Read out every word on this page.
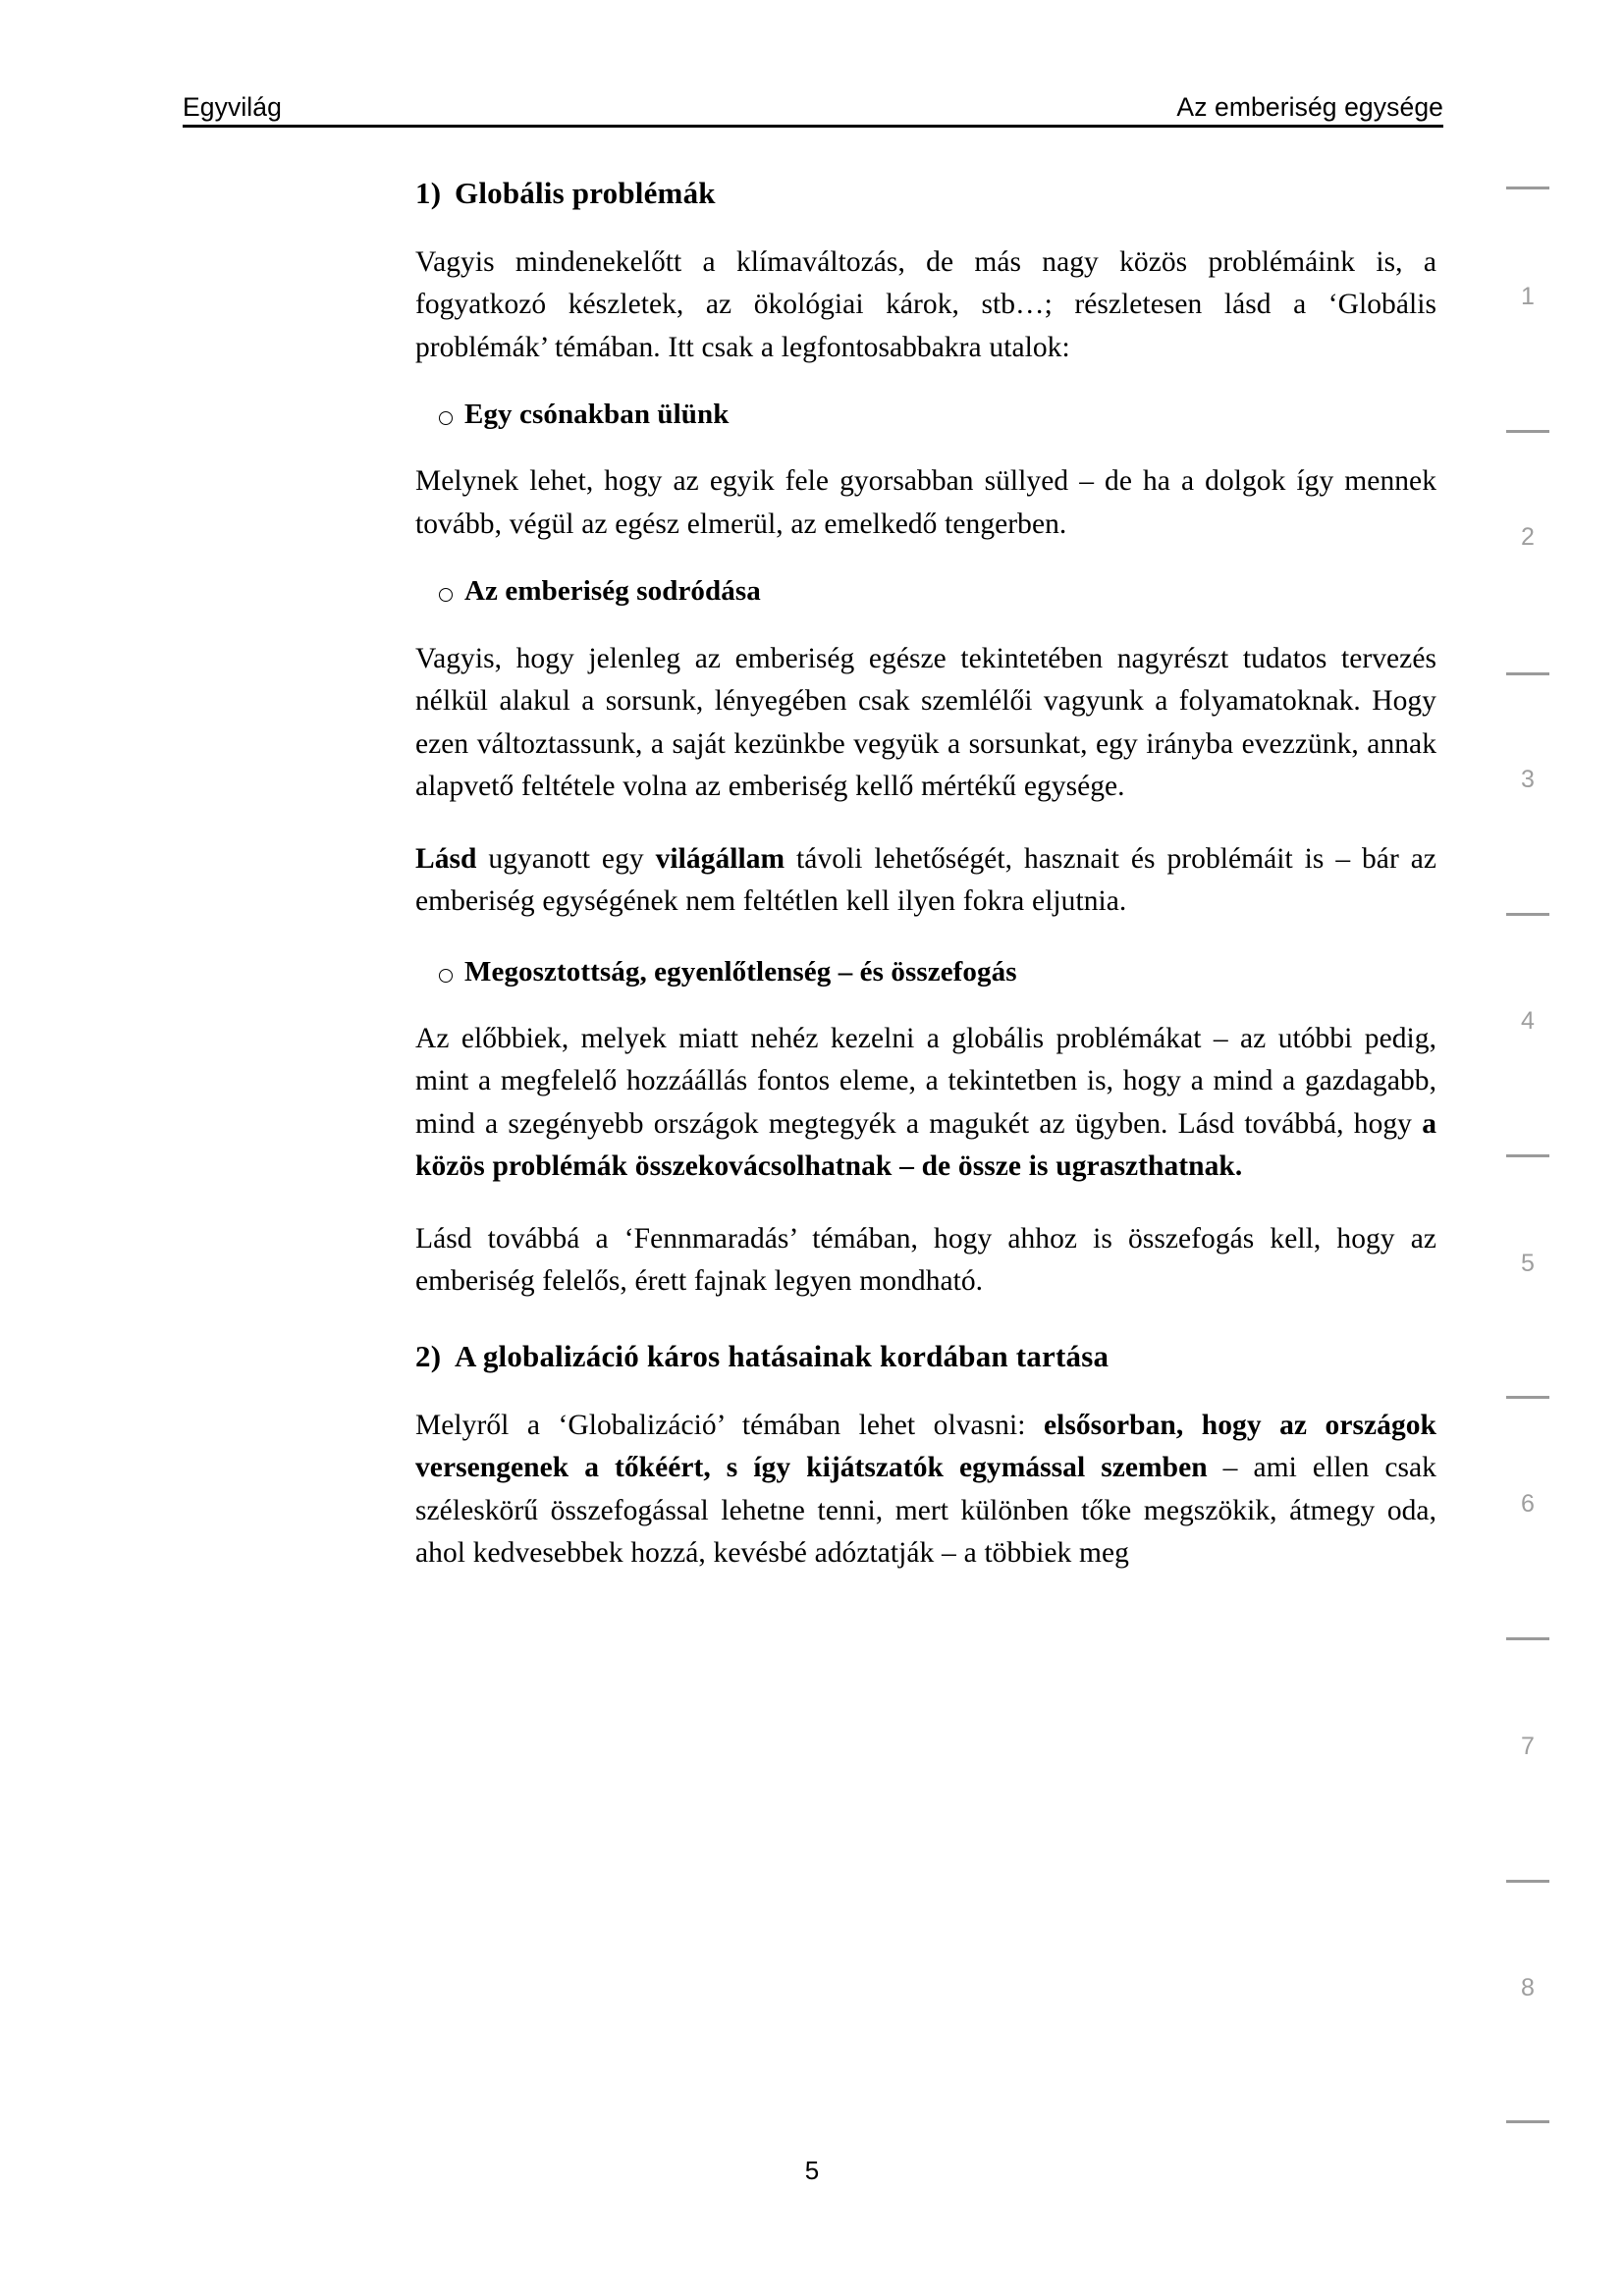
Egyvilág	Az emberiség egysége
1) Globális problémák

Vagyis mindenekelőtt a klímaváltozás, de más nagy közös problémáink is, a fogyatkozó készletek, az ökológiai károk, stb…; részletesen lásd a ‘Globális problémák’ témában. Itt csak a legfontosabbakra utalok:

Egy csónakban ülünk

Melynek lehet, hogy az egyik fele gyorsabban süllyed – de ha a dolgok így mennek tovább, végül az egész elmerül, az emelkedő tengerben.

Az emberiség sodródása

Vagyis, hogy jelenleg az emberiség egésze tekintetében nagyrészt tudatos tervezés nélkül alakul a sorsunk, lényegében csak szemlélői vagyunk a folyamatoknak. Hogy ezen változtassunk, a saját kezünkbe vegyük a sorsunkat, egy irányba evezzünk, annak alapvető feltétele volna az emberiség kellő mértékű egysége.

Lásd ugyanott egy világállam távoli lehetőségét, hasznait és problémáit is – bár az emberiség egységének nem feltétlen kell ilyen fokra eljutnia.

Megosztottság, egyenlőtlenség – és összefogás

Az előbbiek, melyek miatt nehéz kezelni a globális problémákat – az utóbbi pedig, mint a megfelelő hozzáállás fontos eleme, a tekintetben is, hogy a mind a gazdagabb, mind a szegényebb országok megtegyék a magukét az ügyben. Lásd továbbá, hogy a közös problémák összekovácsolhatnak – de össze is ugraszthatnak.

Lásd továbbá a ‘Fennmaradás’ témában, hogy ahhoz is összefogás kell, hogy az emberiség felelős, érett fajnak legyen mondható.

2) A globalizáció káros hatásainak kordában tartása

Melyről a ‘Globalizáció’ témában lehet olvasni: elsősorban, hogy az országok versengenek a tőkéért, s így kijátszatók egymással szemben – ami ellen csak széleskörű összefogással lehetne tenni, mert különben tőke megszökik, átmegy oda, ahol kedvesebbek hozzá, kevésbé adóztatják – a többiek meg

1
2
3
4
5
6
7
8
5
